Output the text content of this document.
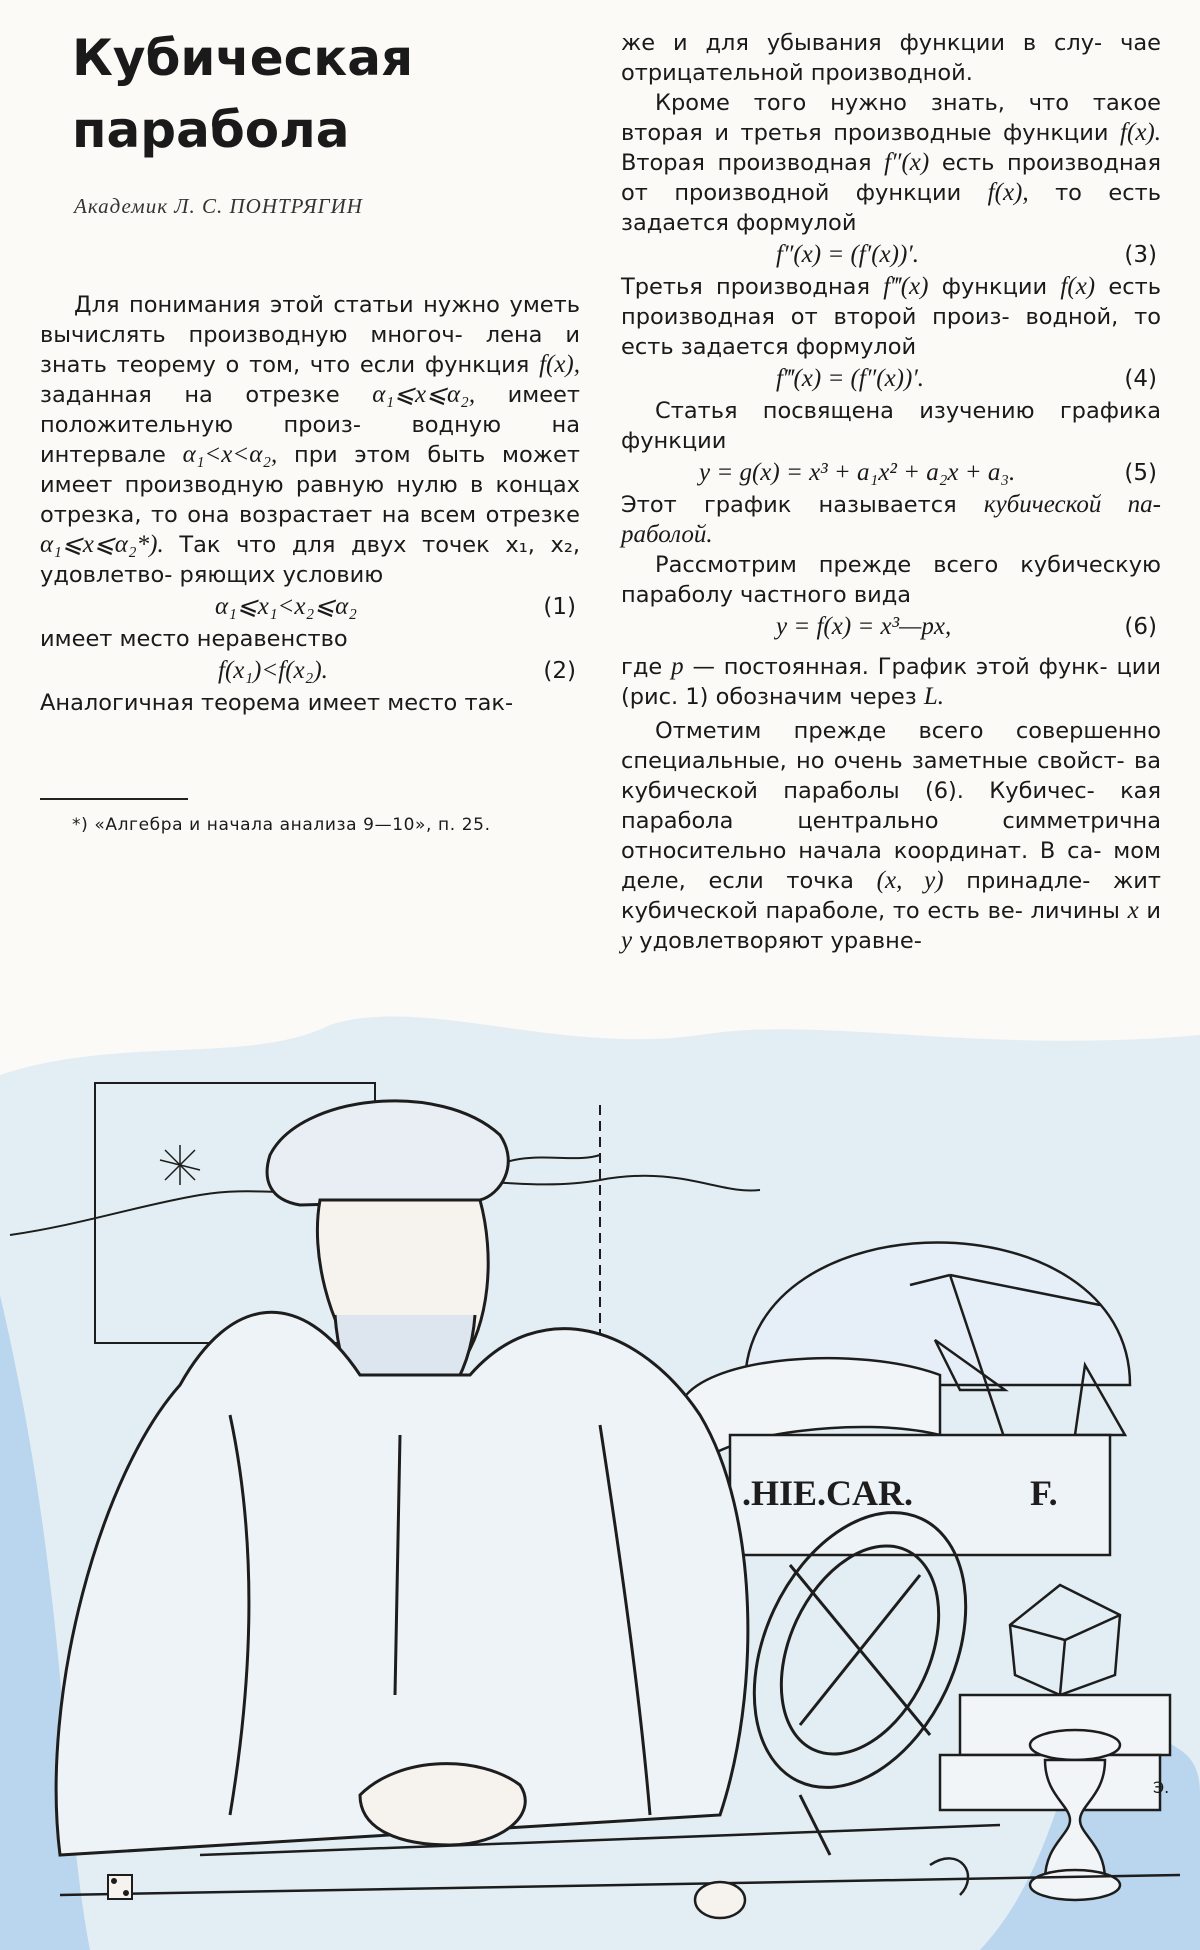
Кубическая
парабола
Академик Л. С. ПОНТРЯГИН

Для понимания этой статьи нужно уметь вычислять производную многоч- лена и знать теорему о том, что если функция f(x), заданная на отрезке α₁⩽x⩽α₂, имеет положительную произ- водную на интервале α₁<x<α₂, при этом быть может имеет производную равную нулю в концах отрезка, то она возрастает на всем отрезке α₁⩽x⩽α₂*). Так что для двух точек x₁, x₂, удовлетво- ряющих условию

α₁⩽x₁<x₂⩽α₂	(1)

имеет место неравенство

f(x₁)<f(x₂).	(2)

Аналогичная теорема имеет место так-

*) «Алгебра и начала анализа 9—10», п. 25.

же и для убывания функции в слу- чае отрицательной производной.

Кроме того нужно знать, что такое вторая и третья производные функции f(x). Вторая производная f″(x) есть производная от производной функции f(x), то есть задается формулой

f″(x) = (f′(x))′.	(3)

Третья производная f‴(x) функции f(x) есть производная от второй произ- водной, то есть задается формулой

f‴(x) = (f″(x))′.	(4)

Статья посвящена изучению графика функции

y = g(x) = x³ + a₁x² + a₂x + a₃.	(5)

Этот график называется кубической па- раболой.

Рассмотрим прежде всего кубическую параболу частного вида

y = f(x) = x³—px,	(6)

где p — постоянная. График этой функ- ции (рис. 1) обозначим через L.

Отметим прежде всего совершенно специальные, но очень заметные свойст- ва кубической параболы (6). Кубичес- кая парабола центрально симметрична относительно начала координат. В са- мом деле, если точка (x, y) принадле- жит кубической параболе, то есть ве- личины x и y удовлетворяют уравне-

.HIE.CAR.	F.
Э.
